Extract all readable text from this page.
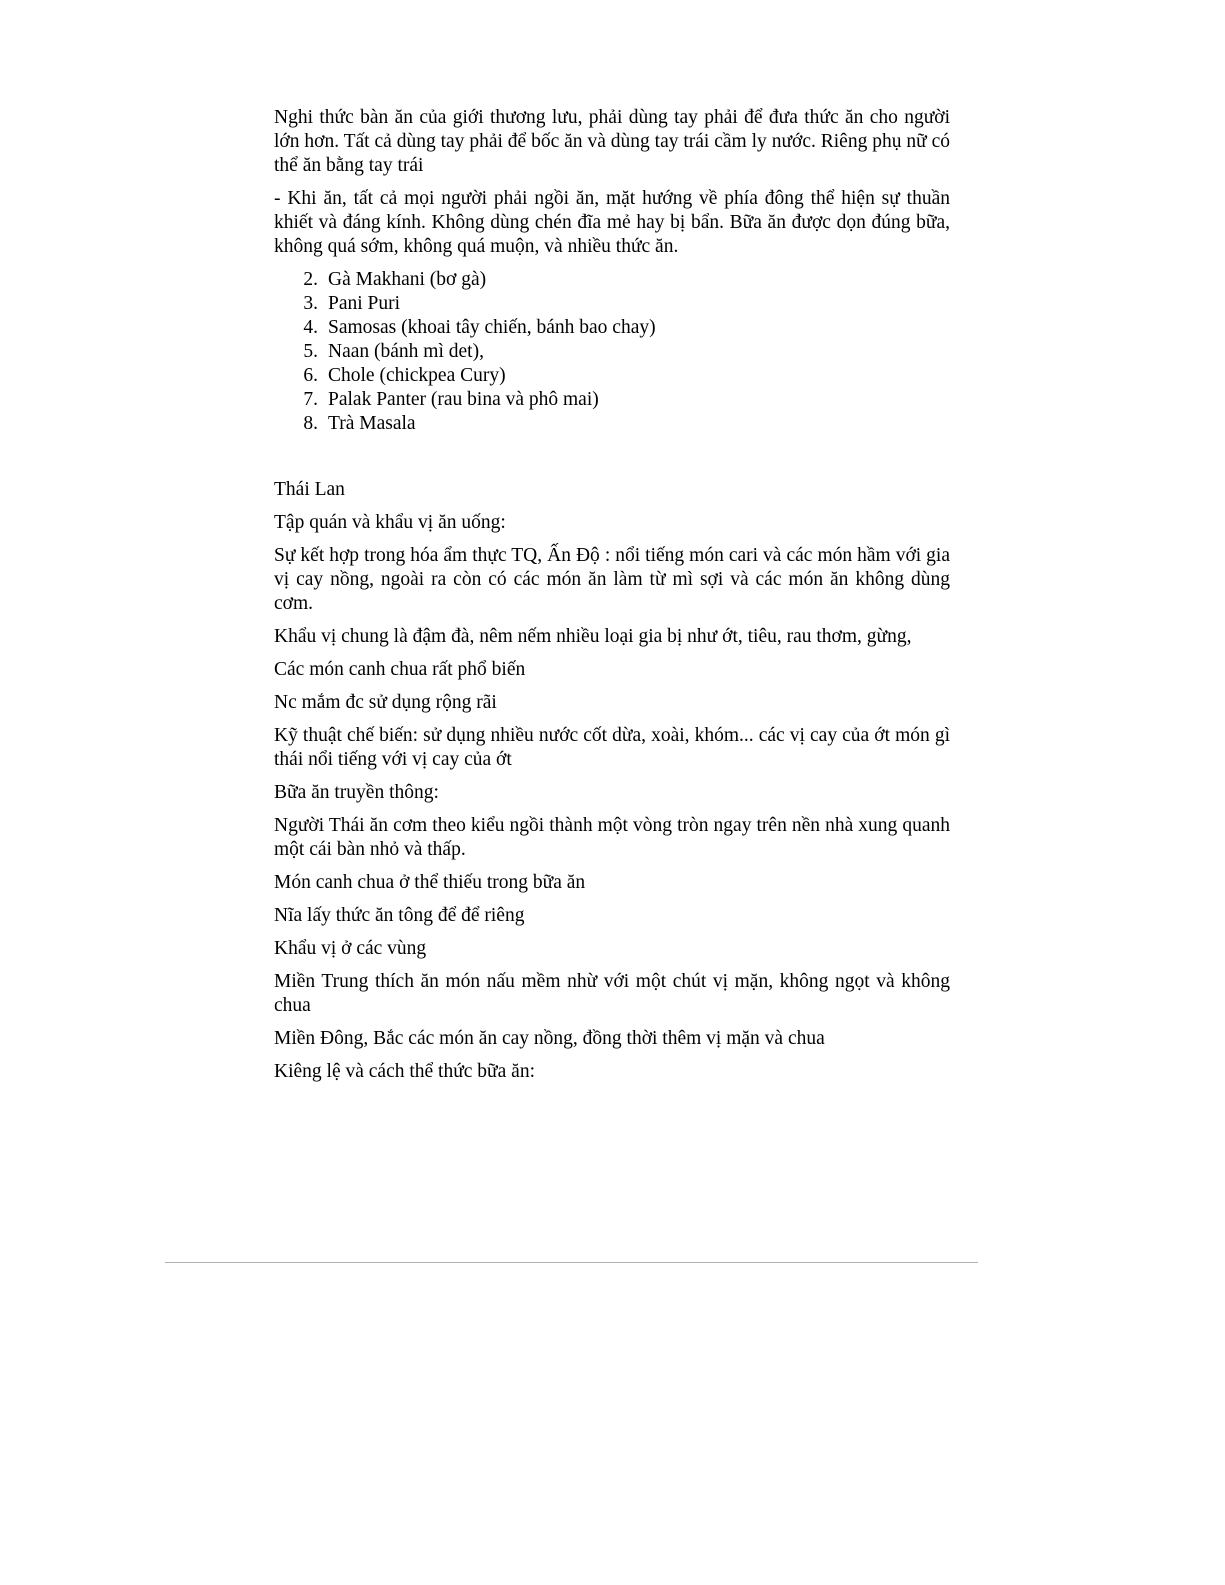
Nghi thức bàn ăn của giới thương lưu, phải dùng tay phải để đưa thức ăn cho người lớn hơn. Tất cả dùng tay phải để bốc ăn và dùng tay trái cầm ly nước. Riêng phụ nữ có thể ăn bằng tay trái

- Khi ăn, tất cả mọi người phải ngồi ăn, mặt hướng về phía đông thể hiện sự thuần khiết và đáng kính. Không dùng chén đĩa mẻ hay bị bẩn. Bữa ăn được dọn đúng bữa, không quá sớm, không quá muộn, và nhiều thức ăn.

2. Gà Makhani (bơ gà)
3. Pani Puri
4. Samosas (khoai tây chiến, bánh bao chay)
5. Naan (bánh mì det),
6. Chole (chickpea Cury)
7. Palak Panter (rau bina và phô mai)
8. Trà Masala

Thái Lan

Tập quán và khẩu vị ăn uống:

Sự kết hợp trong hóa ẩm thực TQ, Ấn Độ : nổi tiếng món cari và các món hầm với gia vị cay nồng, ngoài ra còn có các món ăn làm từ mì sợi và các món ăn không dùng cơm.

Khẩu vị chung là đậm đà, nêm nếm nhiều loại gia bị như ớt, tiêu, rau thơm, gừng,

Các món canh chua rất phổ biến

Nc mắm đc sử dụng rộng rãi

Kỹ thuật chế biến: sử dụng nhiều nước cốt dừa, xoài, khóm... các vị cay của ớt món gì thái nổi tiếng với vị cay của ớt

Bữa ăn truyền thông:

Người Thái ăn cơm theo kiểu ngồi thành một vòng tròn ngay trên nền nhà xung quanh một cái bàn nhỏ và thấp.

Món canh chua ở thể thiếu trong bữa ăn

Nĩa lấy thức ăn tông để để riêng

Khẩu vị ở các vùng

Miền Trung thích ăn món nấu mềm nhừ với một chút vị mặn, không ngọt và không chua

Miền Đông, Bắc các món ăn cay nồng, đồng thời thêm vị mặn và chua

Kiêng lệ và cách thể thức bữa ăn:
